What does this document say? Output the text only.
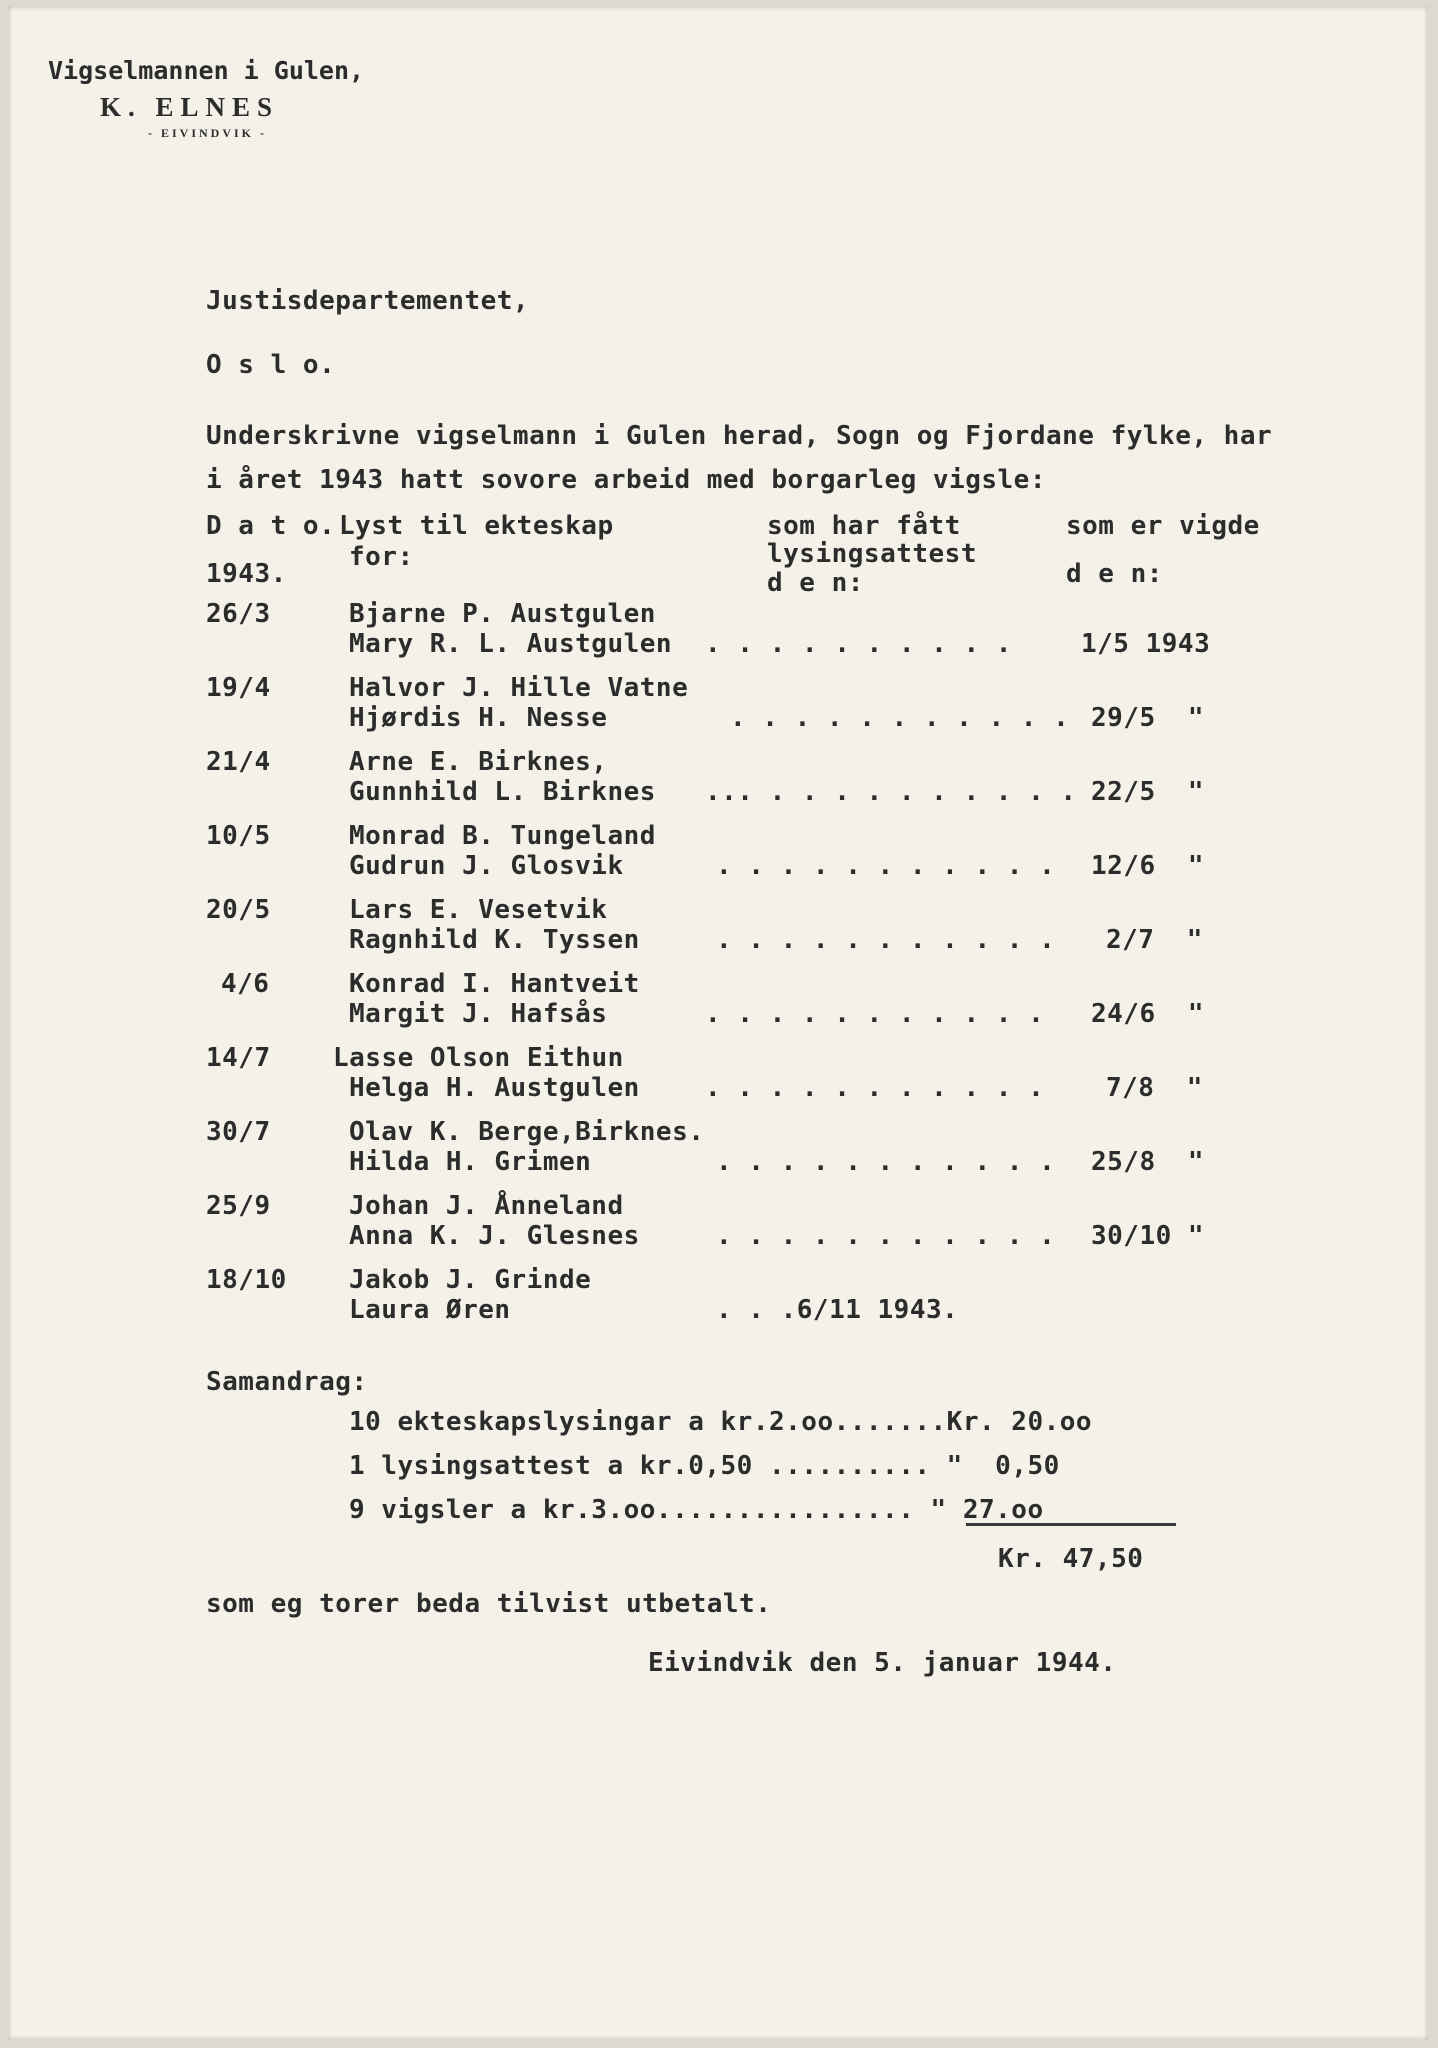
Vigselmannen i Gulen,
K. ELNES
- EIVINDVIK -
Justisdepartementet,
O s l o.
Underskrivne vigselmann i Gulen herad, Sogn og Fjordane fylke, har
i året 1943 hatt sovore arbeid med borgarleg vigsle:
D a t o.
1943.
Lyst til ekteskap
for:
som har fått
lysingsattest
d e n:
som er vigde
d e n:
26/3	Bjarne P. Austgulen
Mary R. L. Austgulen . . . . . . . . . .	1/5 1943
19/4	Halvor J. Hille Vatne
Hjørdis H. Nesse	. . . . . . . . . . . 29/5  "
21/4	Arne E. Birknes,
Gunnhild L. Birknes ... . . . . . . . . . . 22/5  "
10/5	Monrad B. Tungeland
Gudrun J. Glosvik	. . . . . . . . . . . 12/6  "
20/5	Lars E. Vesetvik
Ragnhild K. Tyssen	. . . . . . . . . . . 2/7  "
4/6	Konrad I. Hantveit
Margit J. Hafsås	. . . . . . . . . . . 24/6  "
14/7 Lasse Olson Eithun
Helga H. Austgulen	. . . . . . . . . . . 7/8  "
30/7	Olav K. Berge,Birknes.
Hilda H. Grimen	. . . . . . . . . . . 25/8  "
25/9	Johan J. Ånneland
Anna K. J. Glesnes	. . . . . . . . . . . 30/10 "
18/10 Jakob J. Grinde
Laura Øren	. . .6/11 1943.
Samandrag:
10 ekteskapslysingar a kr.2.oo.......Kr. 20.oo
1 lysingsattest a kr.0,50 .......... "  0,50
9 vigsler a kr.3.oo................ " 27.oo
Kr. 47,50
som eg torer beda tilvist utbetalt.
Eivindvik den 5. januar 1944.
